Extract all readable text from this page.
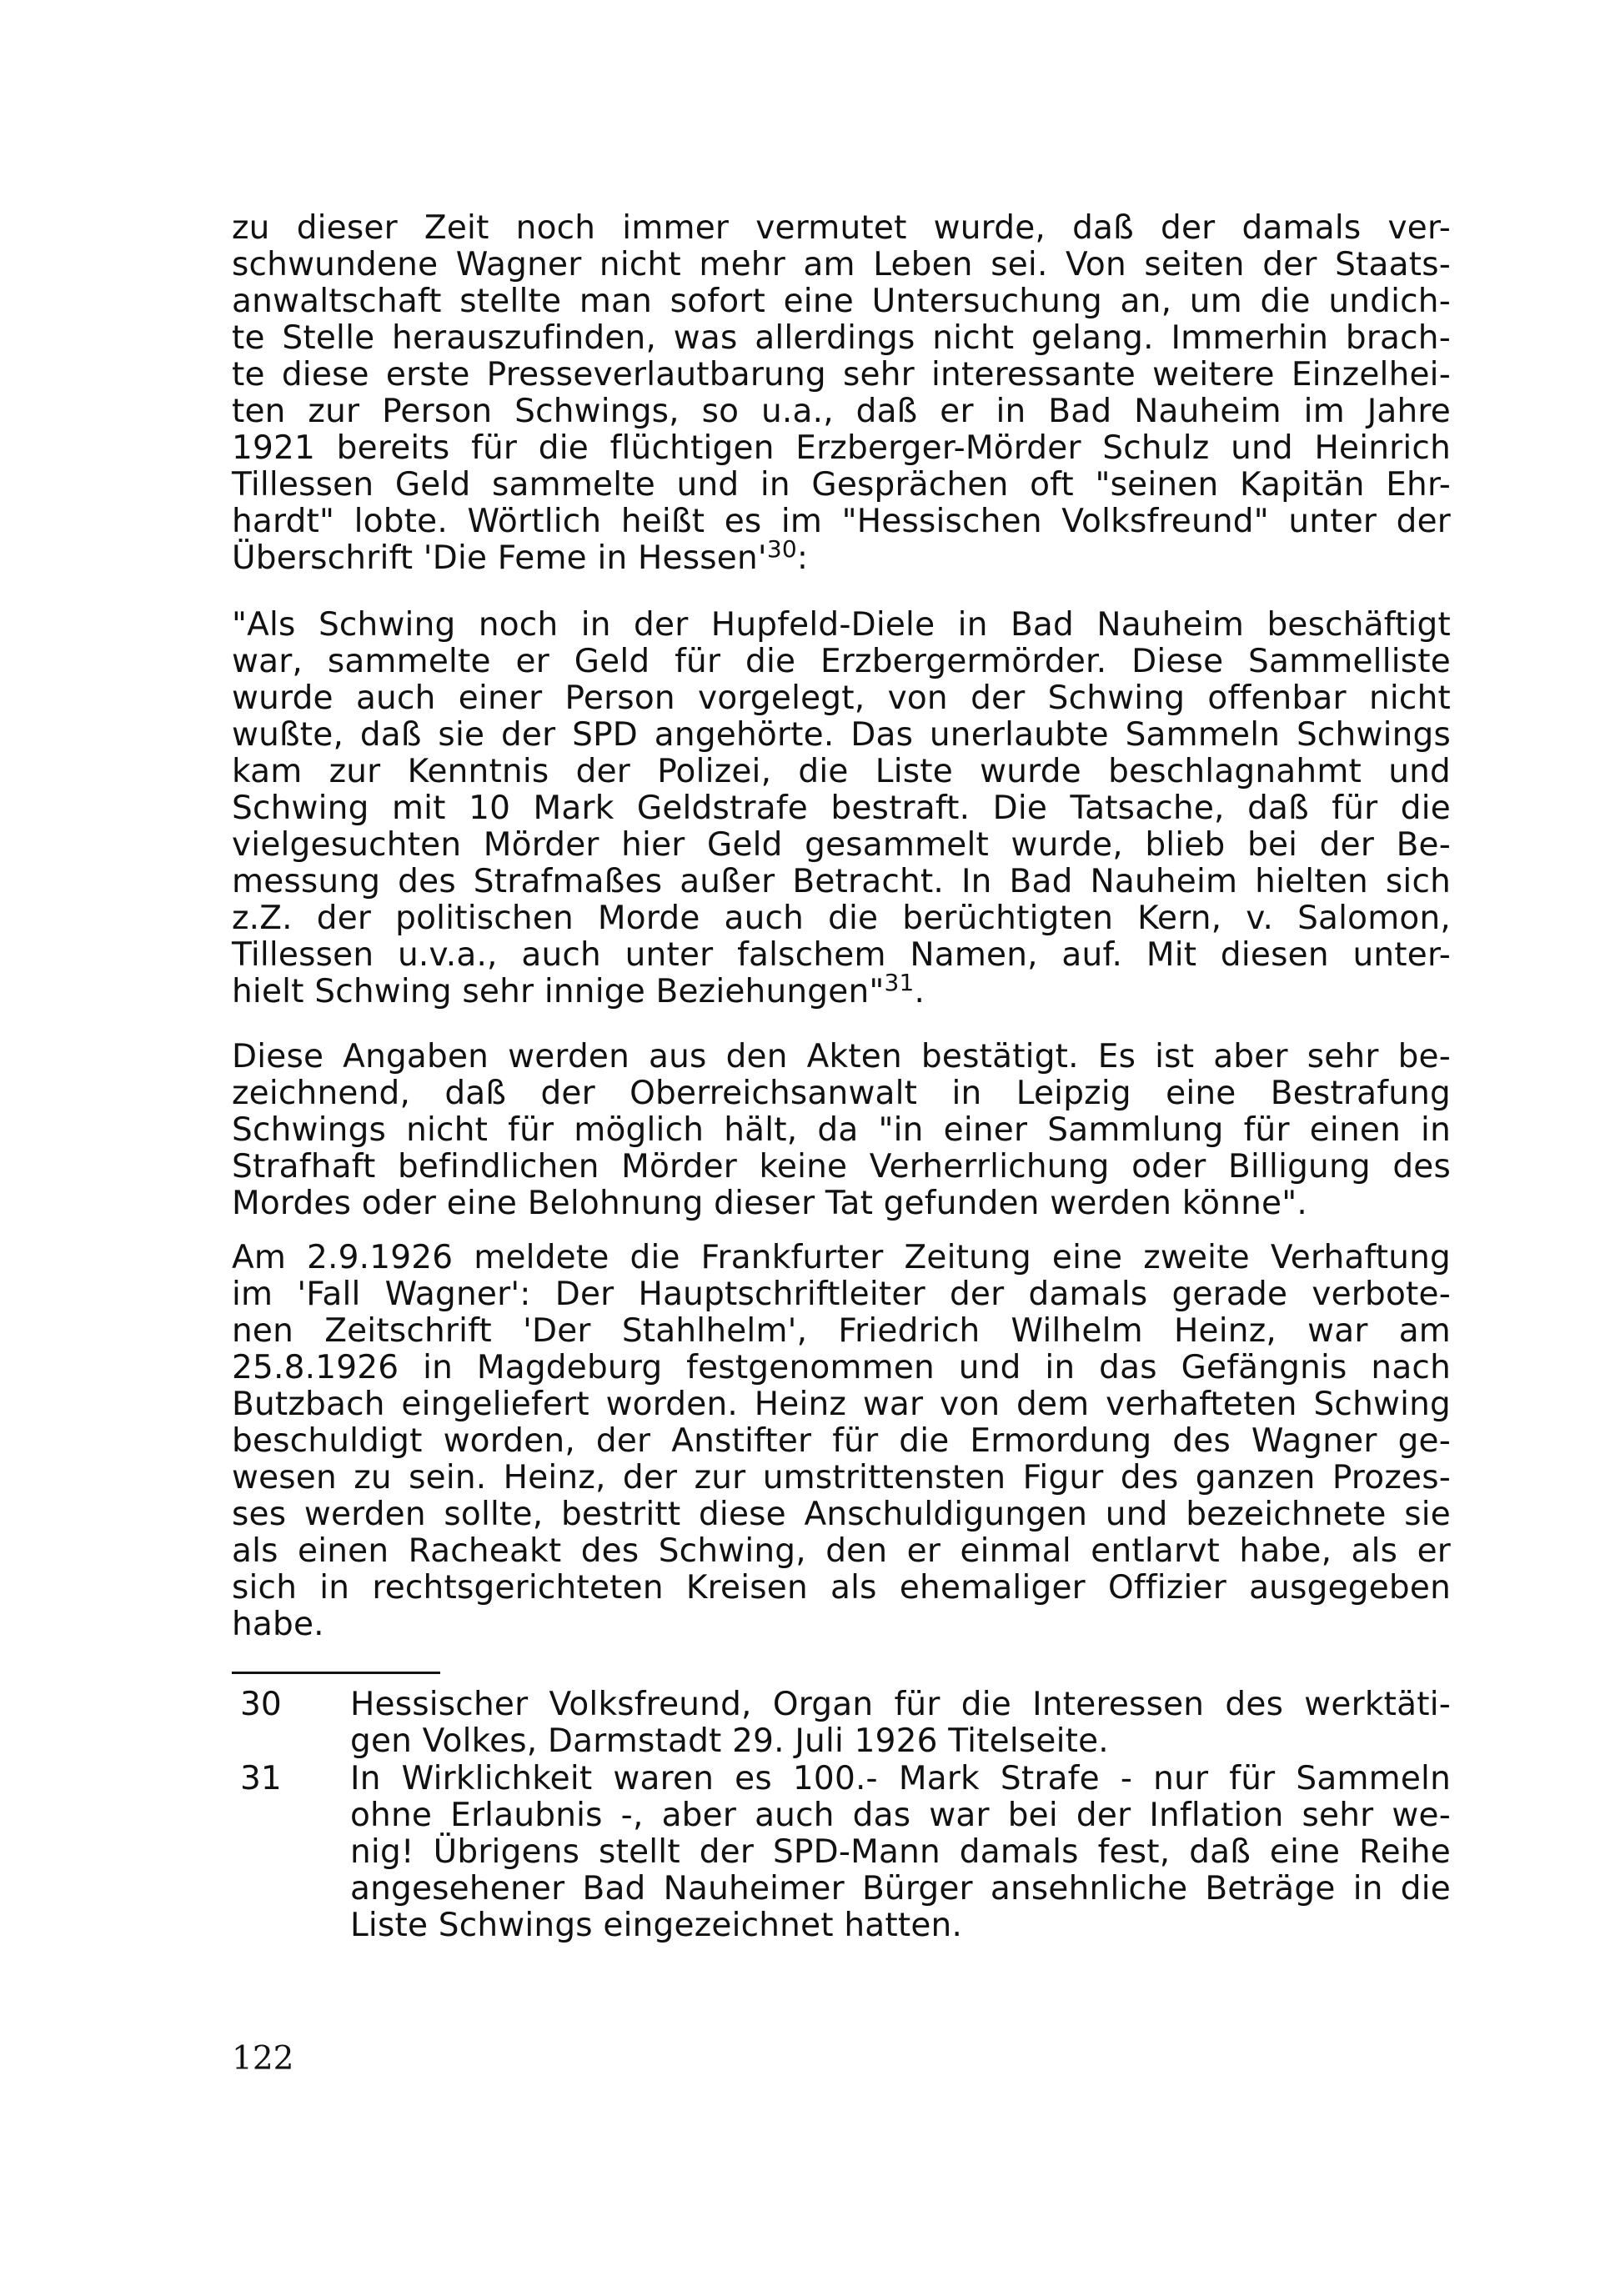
zu dieser Zeit noch immer vermutet wurde, daß der damals ver-
schwundene Wagner nicht mehr am Leben sei. Von seiten der Staats-
anwaltschaft stellte man sofort eine Untersuchung an, um die undich-
te Stelle herauszufinden, was allerdings nicht gelang. Immerhin brach-
te diese erste Presseverlautbarung sehr interessante weitere Einzelhei-
ten zur Person Schwings, so u.a., daß er in Bad Nauheim im Jahre
1921 bereits für die flüchtigen Erzberger-Mörder Schulz und Heinrich
Tillessen Geld sammelte und in Gesprächen oft "seinen Kapitän Ehr-
hardt" lobte. Wörtlich heißt es im "Hessischen Volksfreund" unter der
Überschrift 'Die Feme in $Hessen'^{30}$:
"Als Schwing noch in der Hupfeld-Diele in Bad Nauheim beschäftigt
war, sammelte er Geld für die Erzbergermörder. Diese Sammelliste
wurde auch einer Person vorgelegt, von der Schwing offenbar nicht
wußte, daß sie der SPD angehörte. Das unerlaubte Sammeln Schwings
kam zur Kenntnis der Polizei, die Liste wurde beschlagnahmt und
Schwing mit 10 Mark Geldstrafe bestraft. Die Tatsache, daß für die
vielgesuchten Mörder hier Geld gesammelt wurde, blieb bei der Be-
messung des Strafmaßes außer Betracht. In Bad Nauheim hielten sich
z.Z. der politischen Morde auch die berüchtigten Kern, v. Salomon,
Tillessen u.v.a., auch unter falschem Namen, auf. Mit diesen unter-
hielt Schwing sehr innige Beziehungen"$^{31}$.
Diese Angaben werden aus den Akten bestätigt. Es ist aber sehr be-
zeichnend, daß der Oberreichsanwalt in Leipzig eine Bestrafung
Schwings nicht für möglich hält, da "in einer Sammlung für einen in
Strafhaft befindlichen Mörder keine Verherrlichung oder Billigung des
Mordes oder eine Belohnung dieser Tat gefunden werden könne".
Am 2.9.1926 meldete die Frankfurter Zeitung eine zweite Verhaftung
im 'Fall Wagner': Der Hauptschriftleiter der damals gerade verbote-
nen Zeitschrift 'Der Stahlhelm', Friedrich Wilhelm Heinz, war am
25.8.1926 in Magdeburg festgenommen und in das Gefängnis nach
Butzbach eingeliefert worden. Heinz war von dem verhafteten Schwing
beschuldigt worden, der Anstifter für die Ermordung des Wagner ge-
wesen zu sein. Heinz, der zur umstrittensten Figur des ganzen Prozes-
ses werden sollte, bestritt diese Anschuldigungen und bezeichnete sie
als einen Racheakt des Schwing, den er einmal entlarvt habe, als er
sich in rechtsgerichteten Kreisen als ehemaliger Offizier ausgegeben
habe.
30 Hessischer Volksfreund, Organ für die Interessen des werktäti-
gen Volkes, Darmstadt 29. Juli 1926 Titelseite.
31 In Wirklichkeit waren es 100.- Mark Strafe - nur für Sammeln
ohne Erlaubnis -, aber auch das war bei der Inflation sehr we-
nig! Übrigens stellt der SPD-Mann damals fest, daß eine Reihe
angesehener Bad Nauheimer Bürger ansehnliche Beträge in die
Liste Schwings eingezeichnet hatten.
122
